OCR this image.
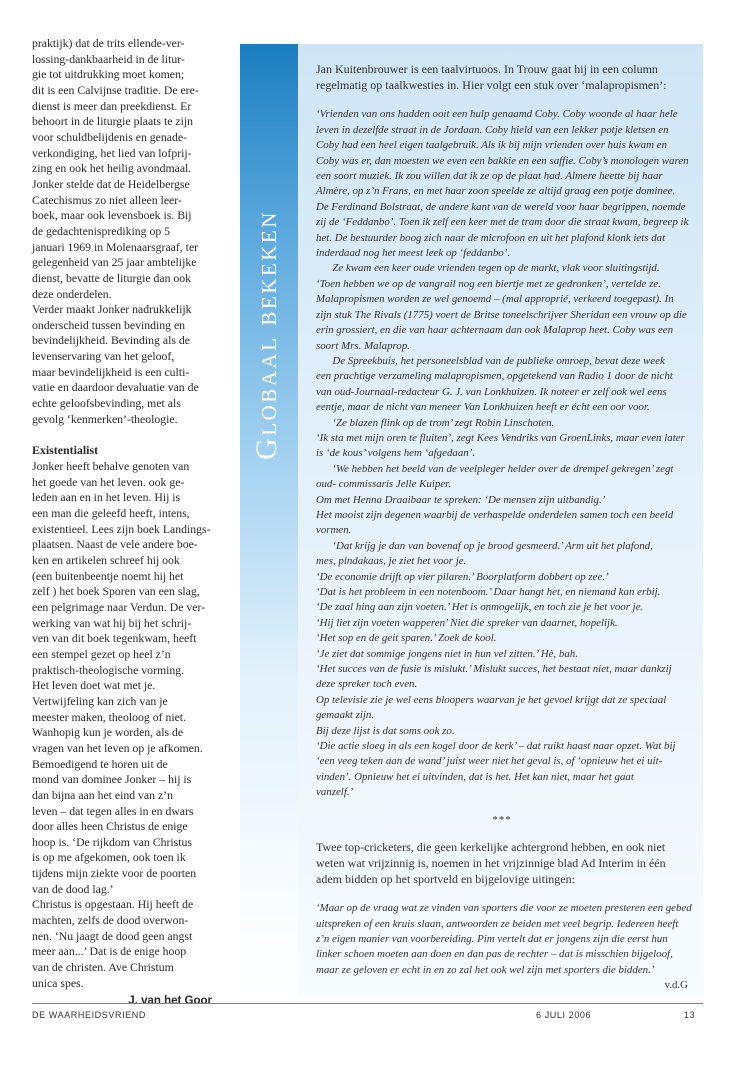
praktijk) dat de trits ellende-ver-
lossing-dankbaarheid in de litur-
gie tot uitdrukking moet komen;
dit is een Calvijnse traditie. De ere-
dienst is meer dan preekdienst. Er
behoort in de liturgie plaats te zijn
voor schuldbelijdenis en genade-
verkondiging, het lied van lofprij-
zing en ook het heilig avondmaal.
Jonker stelde dat de Heidelbergse
Catechismus zo niet alleen leer-
boek, maar ook levensboek is. Bij
de gedachtenisprediking op 5
januari 1969 in Molenaarsgraaf, ter
gelegenheid van 25 jaar ambtelijke
dienst, bevatte de liturgie dan ook
deze onderdelen.
Verder maakt Jonker nadrukkelijk
onderscheid tussen bevinding en
bevindelijkheid. Bevinding als de
levenservaring van het geloof,
maar bevindelijkheid is een culti-
vatie en daardoor devaluatie van de
echte geloofsbevinding, met als
gevolg ‘kenmerken’-theologie.
Existentialist
Jonker heeft behalve genoten van
het goede van het leven. ook ge-
leden aan en in het leven. Hij is
een man die geleefd heeft, intens,
existentieel. Lees zijn boek Landings-
plaatsen. Naast de vele andere boe-
ken en artikelen schreef hij ook
(een buitenbeentje noemt hij het
zelf ) het boek Sporen van een slag,
een pelgrimage naar Verdun. De ver-
werking van wat hij bij het schrij-
ven van dit boek tegenkwam, heeft
een stempel gezet op heel z’n
praktisch-theologische vorming.
Het leven doet wat met je.
Vertwijfeling kan zich van je
meester maken, theoloog of niet.
Wanhopig kun je worden, als de
vragen van het leven op je afkomen.
Bemoedigend te horen uit de
mond van dominee Jonker – hij is
dan bijna aan het eind van z’n
leven – dat tegen alles in en dwars
door alles heen Christus de enige
hoop is. ‘De rijkdom van Christus
is op me afgekomen, ook toen ik
tijdens mijn ziekte voor de poorten
van de dood lag.’
Christus is opgestaan. Hij heeft de
machten, zelfs de dood overwon-
nen. ‘Nu jaagt de dood geen angst
meer aan...’ Dat is de enige hoop
van de christen. Ave Christum
unica spes.
J. van het Goor
Globaal bekeken
Jan Kuitenbrouwer is een taalvirtuoos. In Trouw gaat hij in een column
regelmatig op taalkwesties in. Hier volgt een stuk over ‘malapropismen’:
‘Vrienden van ons hadden ooit een hulp genaamd Coby. Coby woonde al haar hele
leven in dezelfde straat in de Jordaan. Coby hield van een lekker potje kletsen en
Coby had een heel eigen taalgebruik. Als ik bij mijn vrienden over huis kwam en
Coby was er, dan moesten we even een bakkie en een saffie. Coby’s monologen waren
een soort muziek. Ik zou willen dat ik ze op de plaat had. Almere heette bij haar
Almère, op z’n Frans, en met haar zoon speelde ze altijd graag een potje dominee.
De Ferdinand Bolstraat, de andere kant van de wereld voor haar begrippen, noemde
zij de ‘Feddanbo’. Toen ik zelf een keer met de tram door die straat kwam, begreep ik
het. De bestuurder boog zich naar de microfoon en uit het plafond klonk iets dat
inderdaad nog het meest leek op ‘feddanbo’.
Ze kwam een keer oude vrienden tegen op de markt, vlak voor sluitingstijd.
‘Toen hebben we op de vangrail nog een biertje met ze gedronken’, vertelde ze.
Malapropismen worden ze wel genoemd – (mal approprié, verkeerd toegepast). In
zijn stuk The Rivals (1775) voert de Britse toneelschrijver Sheridan een vrouw op die
erin grossiert, en die van haar achternaam dan ook Malaprop heet. Coby was een
soort Mrs. Malaprop.
De Spreekbuis, het personeelsblad van de publieke omroep, bevat deze week
een prachtige verzameling malapropismen, opgetekend van Radio 1 door de nicht
van oud-Journaal-redacteur G. J. van Lonkhuizen. Ik noteer er zelf ook wel eens
eentje, maar de nicht van meneer Van Lonkhuizen heeft er écht een oor voor.
‘Ze blazen flink op de trom’ zegt Robin Linschoten.
‘Ik sta met mijn oren te fluiten’, zegt Kees Vendriks van GroenLinks, maar even later
is ‘de kous’ volgens hem ‘afgedaan’.
‘We hebben het beeld van de veelpleger helder over de drempel gekregen’ zegt
oud- commissaris Jelle Kuiper.
Om met Henna Draaibaar te spreken: ‘De mensen zijn uitbandig.’
Het mooist zijn degenen waarbij de verhaspelde onderdelen samen toch een beeld
vormen.
‘Dat krijg je dan van bovenaf op je brood gesmeerd.’ Arm uit het plafond,
mes, pindakaas, je ziet het voor je.
‘De economie drijft op vier pilaren.’ Boorplatform dobbert op zee.’
‘Dat is het probleem in een notenboom.’ Daar hangt het, en niemand kan erbij.
‘De zaal hing aan zijn voeten.’ Het is onmogelijk, en toch zie je het voor je.
‘Hij liet zijn voeten wapperen’ Niet die spreker van daarnet, hopelijk.
‘Het sop en de geit sparen.’ Zoek de kool.
‘Je ziet dat sommige jongens niet in hun vel zitten.’ Hè, bah.
‘Het succes van de fusie is mislukt.’ Mislukt succes, het bestaat niet, maar dankzij
deze spreker toch even.
Op televisie zie je wel eens bloopers waarvan je het gevoel krijgt dat ze speciaal
gemaakt zijn.
Bij deze lijst is dat soms ook zo.
‘Die actie sloeg in als een kogel door de kerk’ – dat ruikt haast naar opzet. Wat bij
‘een veeg teken aan de wand’ juist weer niet het geval is, of ‘opnieuw het ei uit-
vinden’. Opnieuw het ei uitvinden, dat is het. Het kan niet, maar het gaat
vanzelf.’
***
Twee top-cricketers, die geen kerkelijke achtergrond hebben, en ook niet
weten wat vrijzinnig is, noemen in het vrijzinnige blad Ad Interim in één
adem bidden op het sportveld en bijgelovige uitingen:
‘Maar op de vraag wat ze vinden van sporters die voor ze moeten presteren een gebed
uitspreken of een kruis slaan, antwoorden ze beiden met veel begrip. Iedereen heeft
z’n eigen manier van voorbereiding. Pim vertelt dat er jongens zijn die eerst hun
linker schoen moeten aan doen en dan pas de rechter – dat is misschien bijgeloof,
maar ze geloven er echt in en zo zal het ook wel zijn met sporters die bidden.’
v.d.G
DE WAARHEIDSVRIEND	6 JULI 2006	13
